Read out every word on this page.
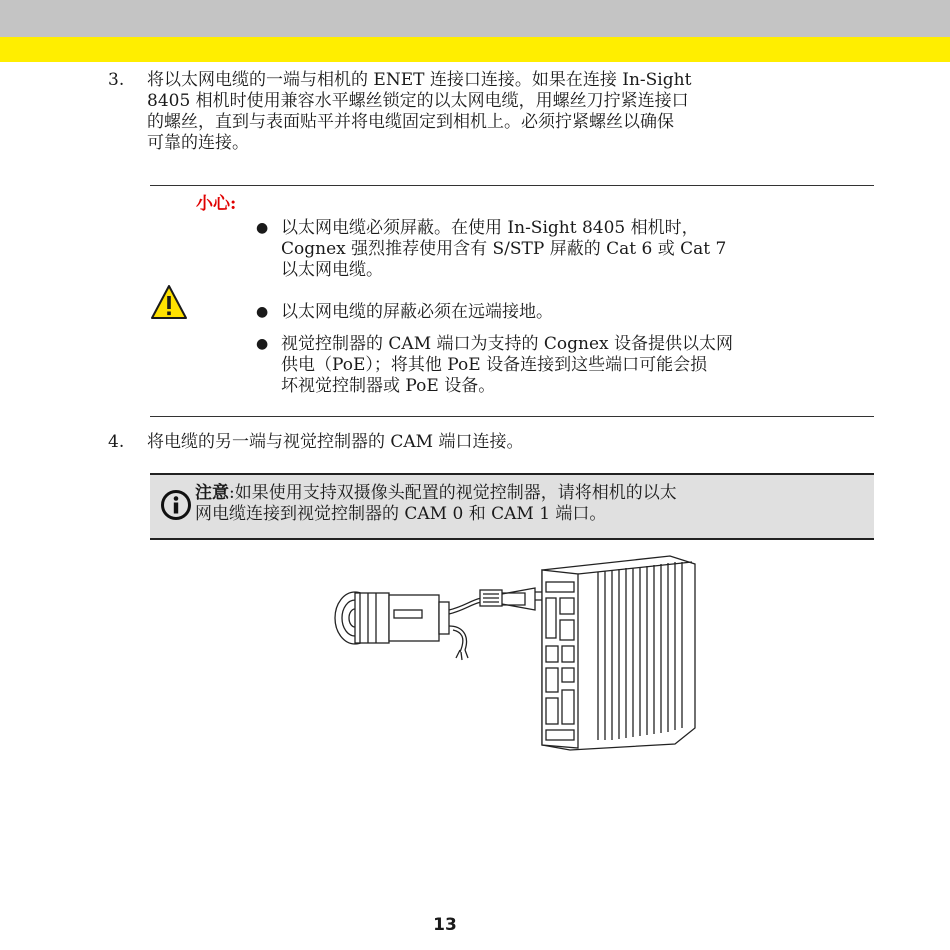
3. 将以太网电缆的一端与相机的 ENET 连接口连接。如果在连接 In-Sight
8405 相机时使用兼容水平螺丝锁定的以太网电缆，用螺丝刀拧紧连接口
的螺丝，直到与表面贴平并将电缆固定到相机上。必须拧紧螺丝以确保
可靠的连接。
小心:
● 以太网电缆必须屏蔽。在使用 In-Sight 8405 相机时，
Cognex 强烈推荐使用含有 S/STP 屏蔽的 Cat 6 或 Cat 7
以太网电缆。
● 以太网电缆的屏蔽必须在远端接地。
● 视觉控制器的 CAM 端口为支持的 Cognex 设备提供以太网
供电（PoE）；将其他 PoE 设备连接到这些端口可能会损
坏视觉控制器或 PoE 设备。
4. 将电缆的另一端与视觉控制器的 CAM 端口连接。
注意:如果使用支持双摄像头配置的视觉控制器，请将相机的以太
网电缆连接到视觉控制器的 CAM 0 和 CAM 1 端口。
13
